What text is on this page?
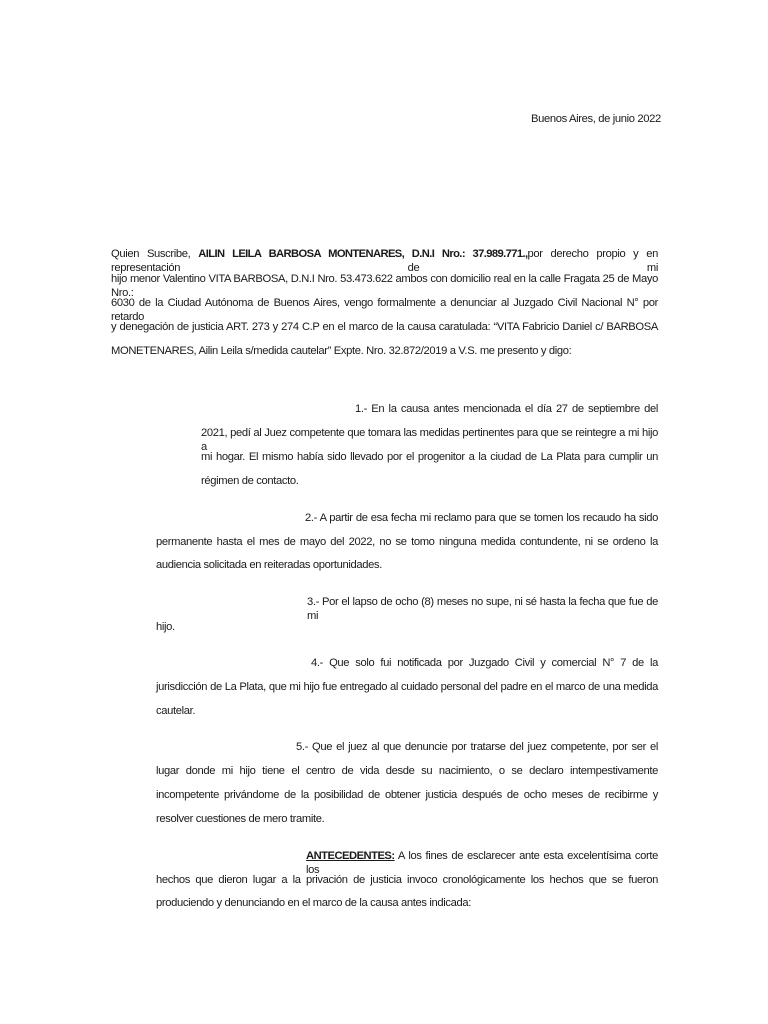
Buenos Aires, de junio 2022
Quien Suscribe, AILIN LEILA BARBOSA MONTENARES, D.N.I Nro.: 37.989.771.,por derecho propio y en representación de mi
hijo menor Valentino VITA BARBOSA, D.N.I Nro. 53.473.622 ambos con domicilio real en la calle Fragata 25 de Mayo Nro.:
6030 de la Ciudad Autónoma de Buenos Aires, vengo formalmente a denunciar al Juzgado Civil Nacional N° por retardo
y denegación de justicia ART. 273 y 274 C.P en el marco de la causa caratulada: “VITA Fabricio Daniel c/ BARBOSA
MONETENARES, Ailin Leila s/medida cautelar” Expte. Nro. 32.872/2019 a V.S. me presento y digo:
1.- En la causa antes mencionada el día 27 de septiembre del
2021, pedí al Juez competente que tomara las medidas pertinentes para que se reintegre a mi hijo a
mi hogar. El mismo había sido llevado por el progenitor a la ciudad de La Plata para cumplir un
régimen de contacto.
2.- A partir de esa fecha mi reclamo para que se tomen los recaudo ha sido
permanente hasta el mes de mayo del 2022, no se tomo ninguna medida contundente, ni se ordeno la
audiencia solicitada en reiteradas oportunidades.
3.- Por el lapso de ocho (8) meses no supe, ni sé hasta la fecha que fue de mi
hijo.
4.- Que solo fui notificada por Juzgado Civil y comercial N° 7 de la
jurisdicción de La Plata, que mi hijo fue entregado al cuidado personal del padre en el marco de una medida
cautelar.
5.- Que el juez al que denuncie por tratarse del juez competente, por ser el
lugar donde mi hijo tiene el centro de vida desde su nacimiento, o se declaro intempestivamente
incompetente privándome de la posibilidad de obtener justicia después de ocho meses de recibirme y
resolver cuestiones de mero tramite.
ANTECEDENTES: A los fines de esclarecer ante esta excelentísima corte los
hechos que dieron lugar a la privación de justicia invoco cronológicamente los hechos que se fueron
produciendo y denunciando en el marco de la causa antes indicada:
